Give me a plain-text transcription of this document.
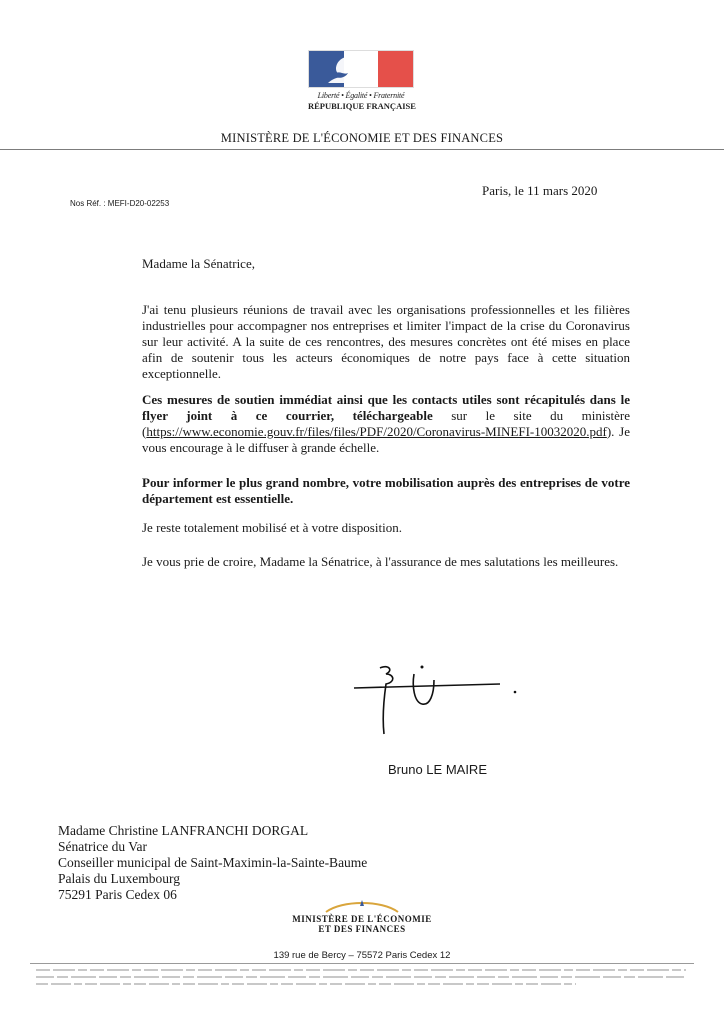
Liberté • Égalité • Fraternité
RÉPUBLIQUE FRANÇAISE
MINISTÈRE DE L'ÉCONOMIE ET DES FINANCES
Paris, le 11 mars 2020
Nos Réf. : MEFI-D20-02253
Madame la Sénatrice,
J'ai tenu plusieurs réunions de travail avec les organisations professionnelles et les filières industrielles pour accompagner nos entreprises et limiter l'impact de la crise du Coronavirus sur leur activité. A la suite de ces rencontres, des mesures concrètes ont été mises en place afin de soutenir tous les acteurs économiques de notre pays face à cette situation exceptionnelle.
Ces mesures de soutien immédiat ainsi que les contacts utiles sont récapitulés dans le flyer joint à ce courrier, téléchargeable sur le site du ministère (https://www.economie.gouv.fr/files/files/PDF/2020/Coronavirus-MINEFI-10032020.pdf). Je vous encourage à le diffuser à grande échelle.
Pour informer le plus grand nombre, votre mobilisation auprès des entreprises de votre département est essentielle.
Je reste totalement mobilisé et à votre disposition.
Je vous prie de croire, Madame la Sénatrice, à l'assurance de mes salutations les meilleures.
Bruno LE MAIRE
Madame Christine LANFRANCHI DORGAL
Sénatrice du Var
Conseiller municipal de Saint-Maximin-la-Sainte-Baume
Palais du Luxembourg
75291 Paris Cedex 06
MINISTÈRE DE L'ÉCONOMIE
ET DES FINANCES
139 rue de Bercy – 75572 Paris Cedex 12
